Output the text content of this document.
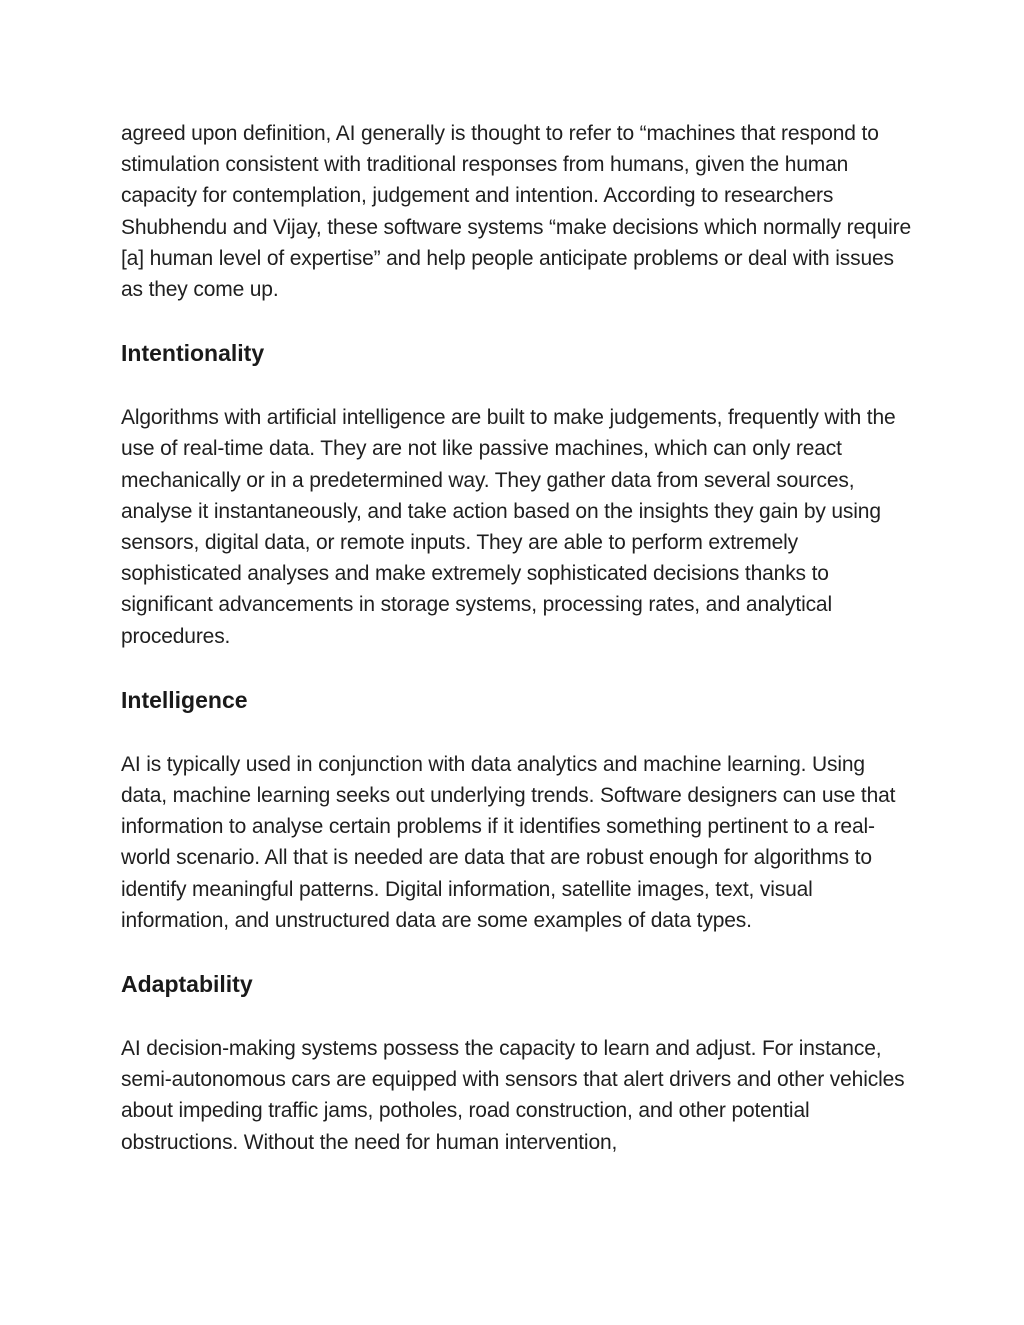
agreed upon definition, AI generally is thought to refer to “machines that respond to stimulation consistent with traditional responses from humans, given the human capacity for contemplation, judgement and intention. According to researchers Shubhendu and Vijay, these software systems “make decisions which normally require [a] human level of expertise” and help people anticipate problems or deal with issues as they come up.

Intentionality

Algorithms with artificial intelligence are built to make judgements, frequently with the use of real-time data. They are not like passive machines, which can only react mechanically or in a predetermined way. They gather data from several sources, analyse it instantaneously, and take action based on the insights they gain by using sensors, digital data, or remote inputs. They are able to perform extremely sophisticated analyses and make extremely sophisticated decisions thanks to significant advancements in storage systems, processing rates, and analytical procedures.

Intelligence

AI is typically used in conjunction with data analytics and machine learning. Using data, machine learning seeks out underlying trends. Software designers can use that information to analyse certain problems if it identifies something pertinent to a real-world scenario. All that is needed are data that are robust enough for algorithms to identify meaningful patterns. Digital information, satellite images, text, visual information, and unstructured data are some examples of data types.

Adaptability

AI decision-making systems possess the capacity to learn and adjust. For instance, semi-autonomous cars are equipped with sensors that alert drivers and other vehicles about impeding traffic jams, potholes, road construction, and other potential obstructions. Without the need for human intervention,
